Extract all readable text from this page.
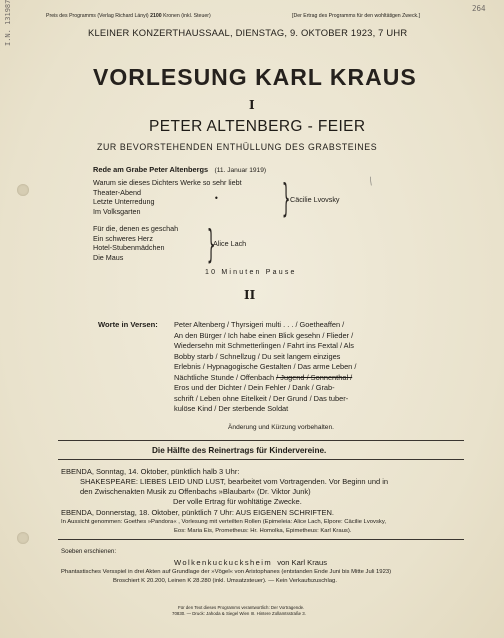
I.N. 131987	264
Preis des Programms (Verlag Richard Lányi) 2100 Kronen (inkl. Steuer)	[Der Ertrag des Programms für den wohltätigen Zweck.]
KLEINER KONZERTHAUSSAAL, DIENSTAG, 9. OKTOBER 1923, 7 UHR
VORLESUNG KARL KRAUS
I
PETER ALTENBERG - FEIER
ZUR BEVORSTEHENDEN ENTHÜLLUNG DES GRABSTEINES
Rede am Grabe Peter Altenbergs (11. Januar 1919)
Warum sie dieses Dichters Werke so sehr liebt
Theater-Abend
Letzte Unterredung
Im Volksgarten
• } Cäcilie Lvovsky
⟍
Für die, denen es geschah
Ein schweres Herz
Hotel-Stubenmädchen
Die Maus	}
Alice Lach
10 Minuten Pause
II
Worte in Versen: Peter Altenberg / Thyrsigeri multi . . . / Goetheaffen /
An den Bürger / Ich habe einen Blick gesehn / Flieder /
Wiedersehn mit Schmetterlingen / Fahrt ins Fextal / Als
Bobby starb / Schnellzug / Du seit langem einziges
Erlebnis / Hypnagogische Gestalten / Das arme Leben /
Nächtliche Stunde / Offenbach / Jugend / Sonnenthal /
Eros und der Dichter / Dein Fehler / Dank / Grab-
schrift / Leben ohne Eitelkeit / Der Grund / Das tuber-
kulöse Kind / Der sterbende Soldat
Änderung und Kürzung vorbehalten.
Die Hälfte des Reinertrags für Kindervereine.
EBENDA, Sonntag, 14. Oktober, pünktlich halb 3 Uhr:
SHAKESPEARE: LIEBES LEID UND LUST, bearbeitet vom Vortragenden. Vor Beginn und in
den Zwischenakten Musik zu Offenbachs »Blaubart« (Dr. Viktor Junk)
Der volle Ertrag für wohltätige Zwecke.
EBENDA, Donnerstag, 18. Oktober, pünktlich 7 Uhr: AUS EIGENEN SCHRIFTEN.
In Aussicht genommen: Goethes »Pandora« , Vorlesung mit verteilten Rollen (Epimeleia: Alice Lach, Elpore: Cäcilie Lvovsky,
Eos: Maria Eis, Prometheus: Hr. Homolka, Epimetheus: Karl Kraus).
Soeben erschienen:
Wolkenkuckucksheim von Karl Kraus
Phantastisches Versspiel in drei Akten auf Grundlage der »Vögel« von Aristophanes (entstanden Ende Juni bis Mitte Juli 1923)
Broschiert K 20.200, Leinen K 28.280 (inkl. Umsatzsteuer). — Kein Verkaufszuschlag.
Für den Text dieses Programms verantwortlich: Der Vortragende.
70830. — Druck: Jahoda & Siegel Wien III. Hintere Zollamtsstraße 3.
